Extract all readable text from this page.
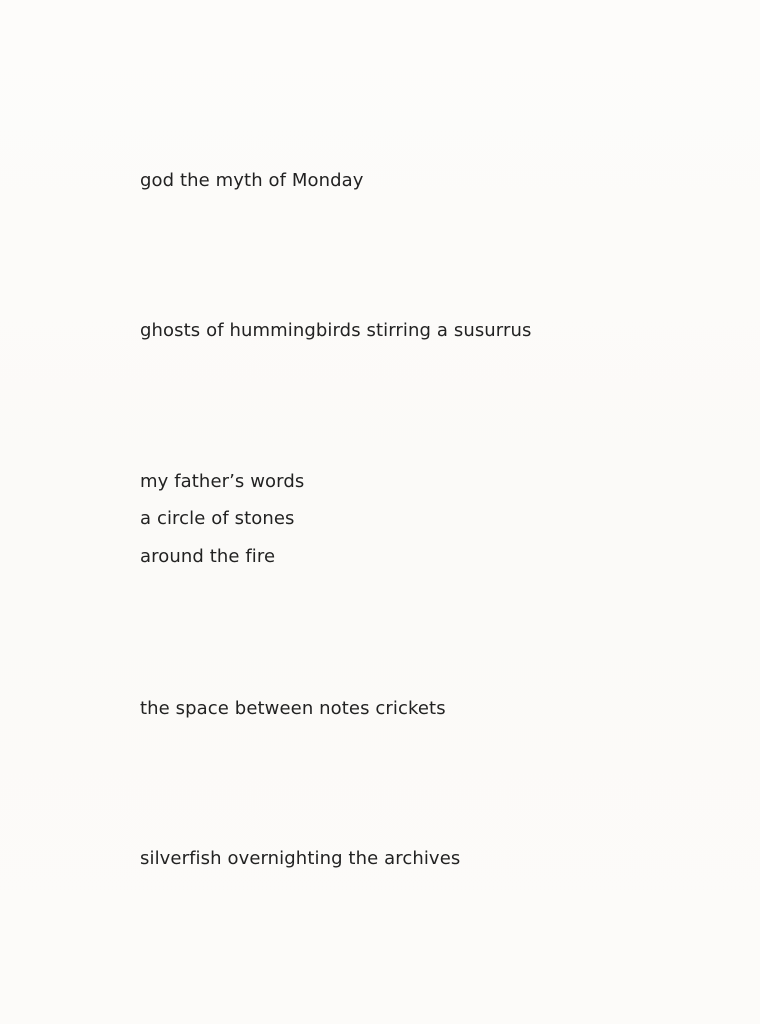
god the myth of Monday

ghosts of hummingbirds stirring a susurrus

my father’s words

a circle of stones

around the fire

the space between notes crickets

silverfish overnighting the archives
